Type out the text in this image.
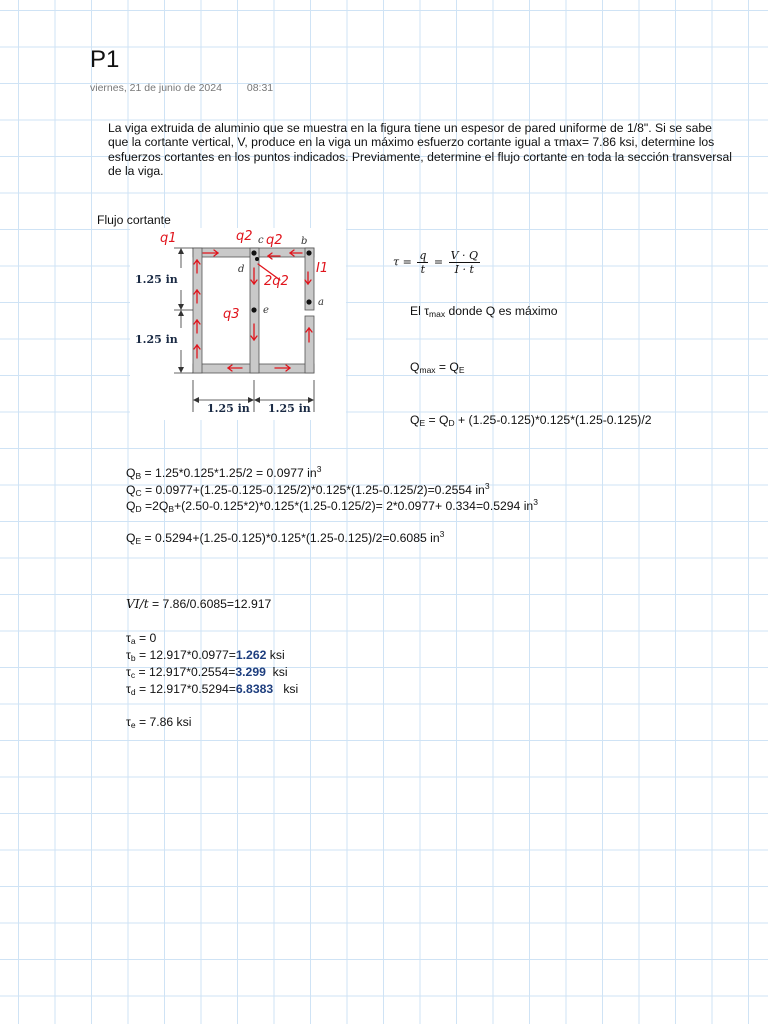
P1
viernes, 21 de junio de 2024 08:31
La viga extruida de aluminio que se muestra en la figura tiene un espesor de pared uniforme de 1/8". Si se sabe que la cortante vertical, V, produce en la viga un máximo esfuerzo cortante igual a τmax= 7.86 ksi, determine los esfuerzos cortantes en los puntos indicados. Previamente, determine el flujo cortante en toda la sección transversal de la viga.
Flujo cortante
1.25 in
1.25 in
1.25 in 1.25 in
b
c
d
a
e
q1	q2 q2
2q2
I1
q3
$\tau = \frac{q}{t} = \frac{V \cdot Q}{I \cdot t}$
El $\tau_{max}$ donde Q es máximo
$Q_{max} = Q_E$
$Q_E = Q_D + (1.25-0.125)*0.125*(1.25-0.125)/2$
$Q_B = 1.25*0.125*1.25/2 = 0.0977$ $in^3$
$Q_C = 0.0977+(1.25-0.125-0.125/2)*0.125*(1.25-0.125/2)=0.2554$ $in^3$
$Q_D =2Q_B+(2.50-0.125*2)*0.125*(1.25-0.125/2)= 2*0.0977+ 0.334=0.5294$ $in^3$
$Q_E = 0.5294+(1.25-0.125)*0.125*(1.25-0.125)/2=0.6085$ $in^3$
VI/t = 7.86/0.6085=12.917
$\tau_a = 0$
$\tau_b = 12.917*0.0977=1.262$ ksi
$\tau_c = 12.917*0.2554=3.299$  ksi
$\tau_d = 12.917*0.5294=6.8383$   ksi
$\tau_e = 7.86$ ksi
